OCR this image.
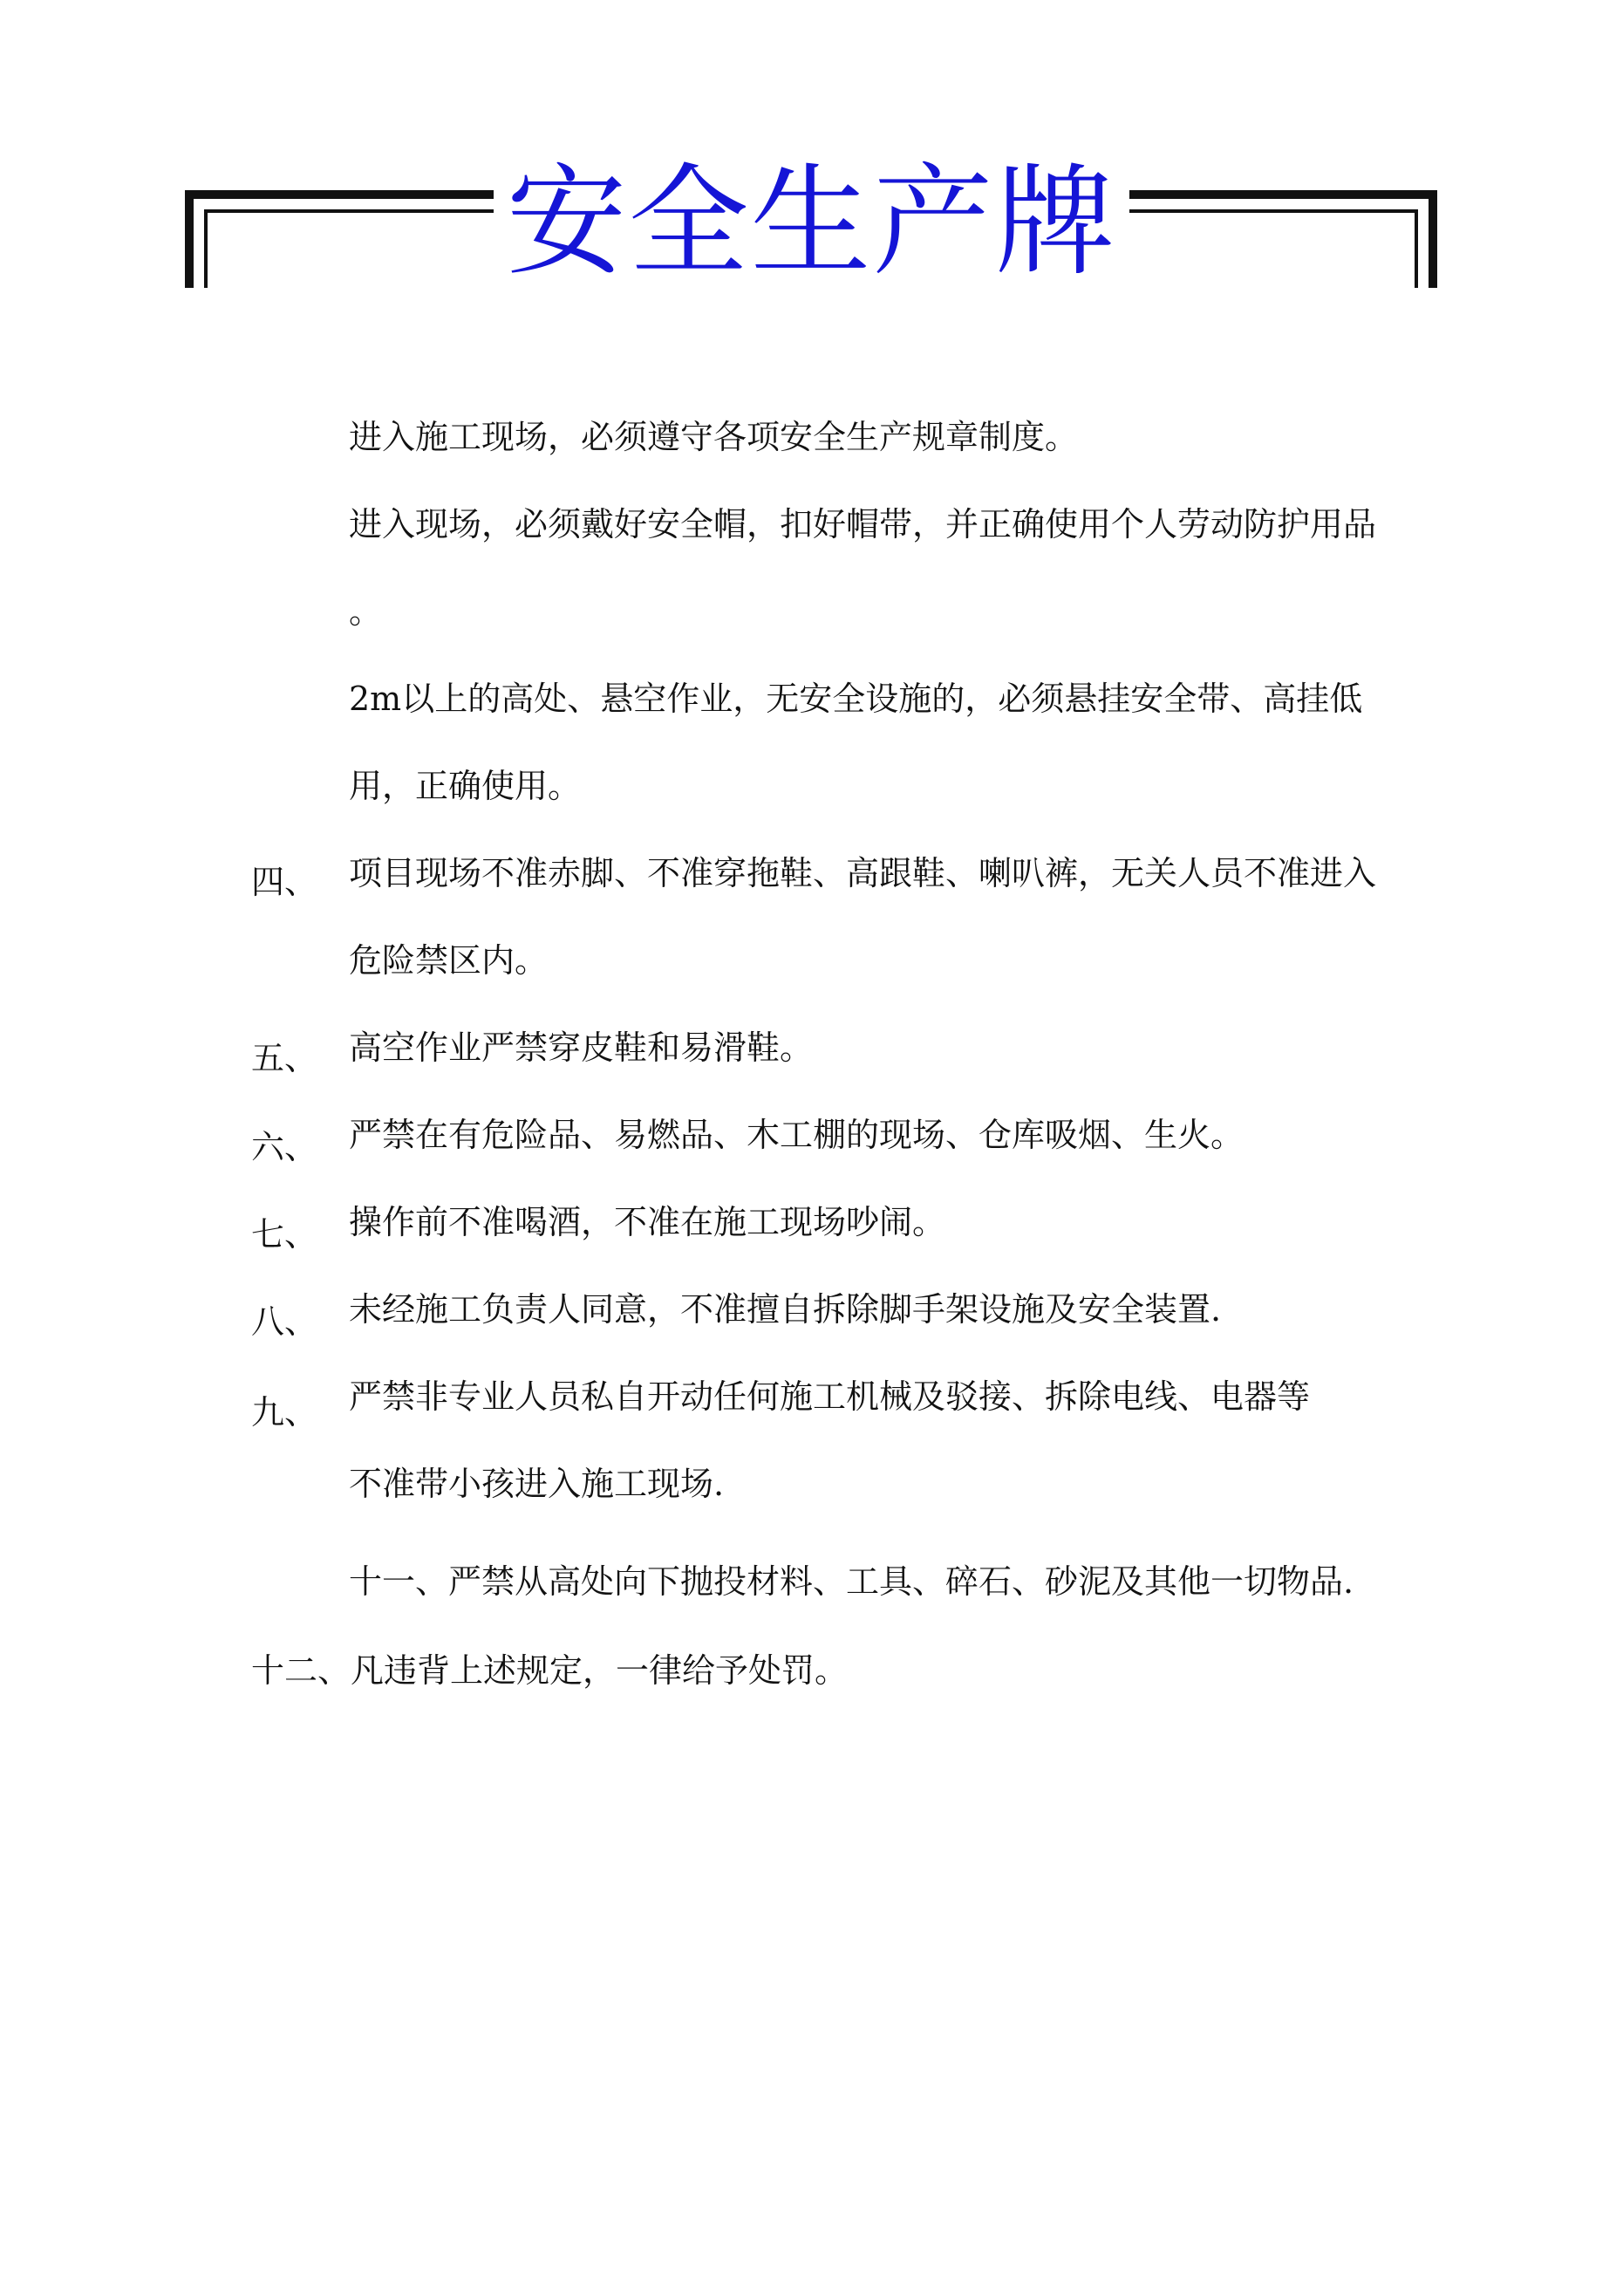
安全生产牌
进入施工现场，必须遵守各项安全生产规章制度。
进入现场，必须戴好安全帽，扣好帽带，并正确使用个人劳动防护用品
。
2m以上的高处、悬空作业，无安全设施的，必须悬挂安全带、高挂低
用，正确使用。
四、 项目现场不准赤脚、不准穿拖鞋、高跟鞋、喇叭裤，无关人员不准进入
危险禁区内。
五、 高空作业严禁穿皮鞋和易滑鞋。
六、 严禁在有危险品、易燃品、木工棚的现场、仓库吸烟、生火。
七、 操作前不准喝酒，不准在施工现场吵闹。
八、 未经施工负责人同意，不准擅自拆除脚手架设施及安全装置.
九、 严禁非专业人员私自开动任何施工机械及驳接、拆除电线、电器等
不准带小孩进入施工现场.
十一、严禁从高处向下抛投材料、工具、碎石、砂泥及其他一切物品.
十二、凡违背上述规定，一律给予处罚。
